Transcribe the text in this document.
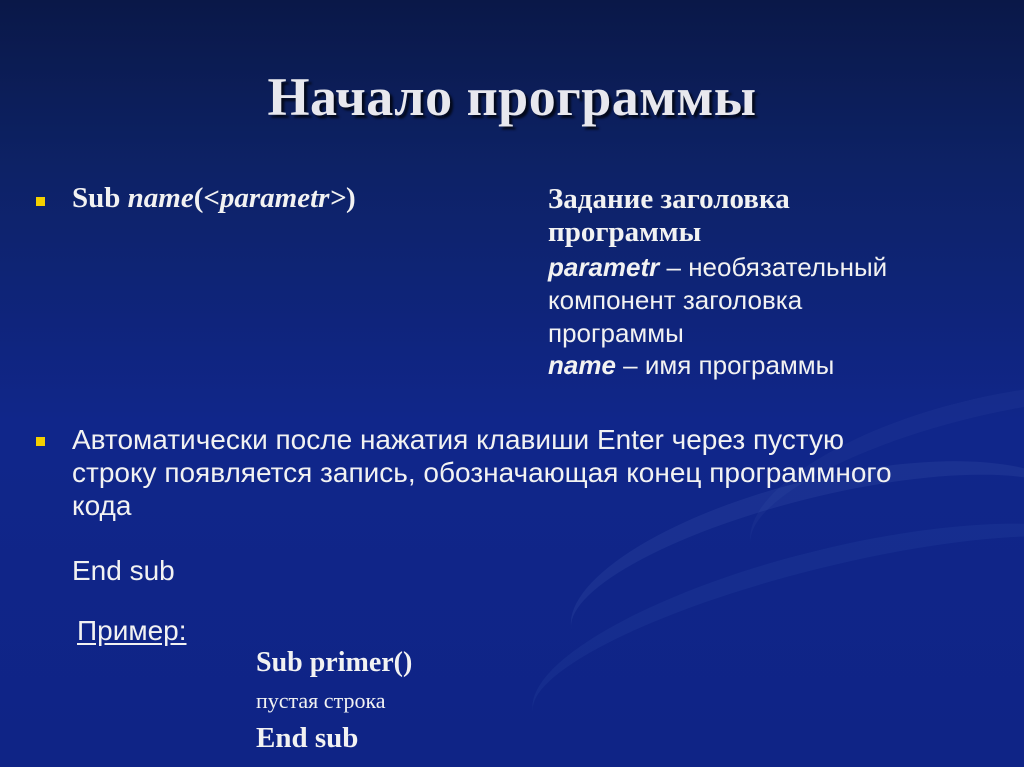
Начало программы
Sub name(<parametr>)	Задание заголовка
программы
parametr – необязательный
компонент заголовка
программы
name – имя программы
Автоматически после нажатия клавиши Enter через пустую
строку появляется запись, обозначающая конец программного
кода
End sub
Пример:
Sub primer()
пустая строка
End sub
